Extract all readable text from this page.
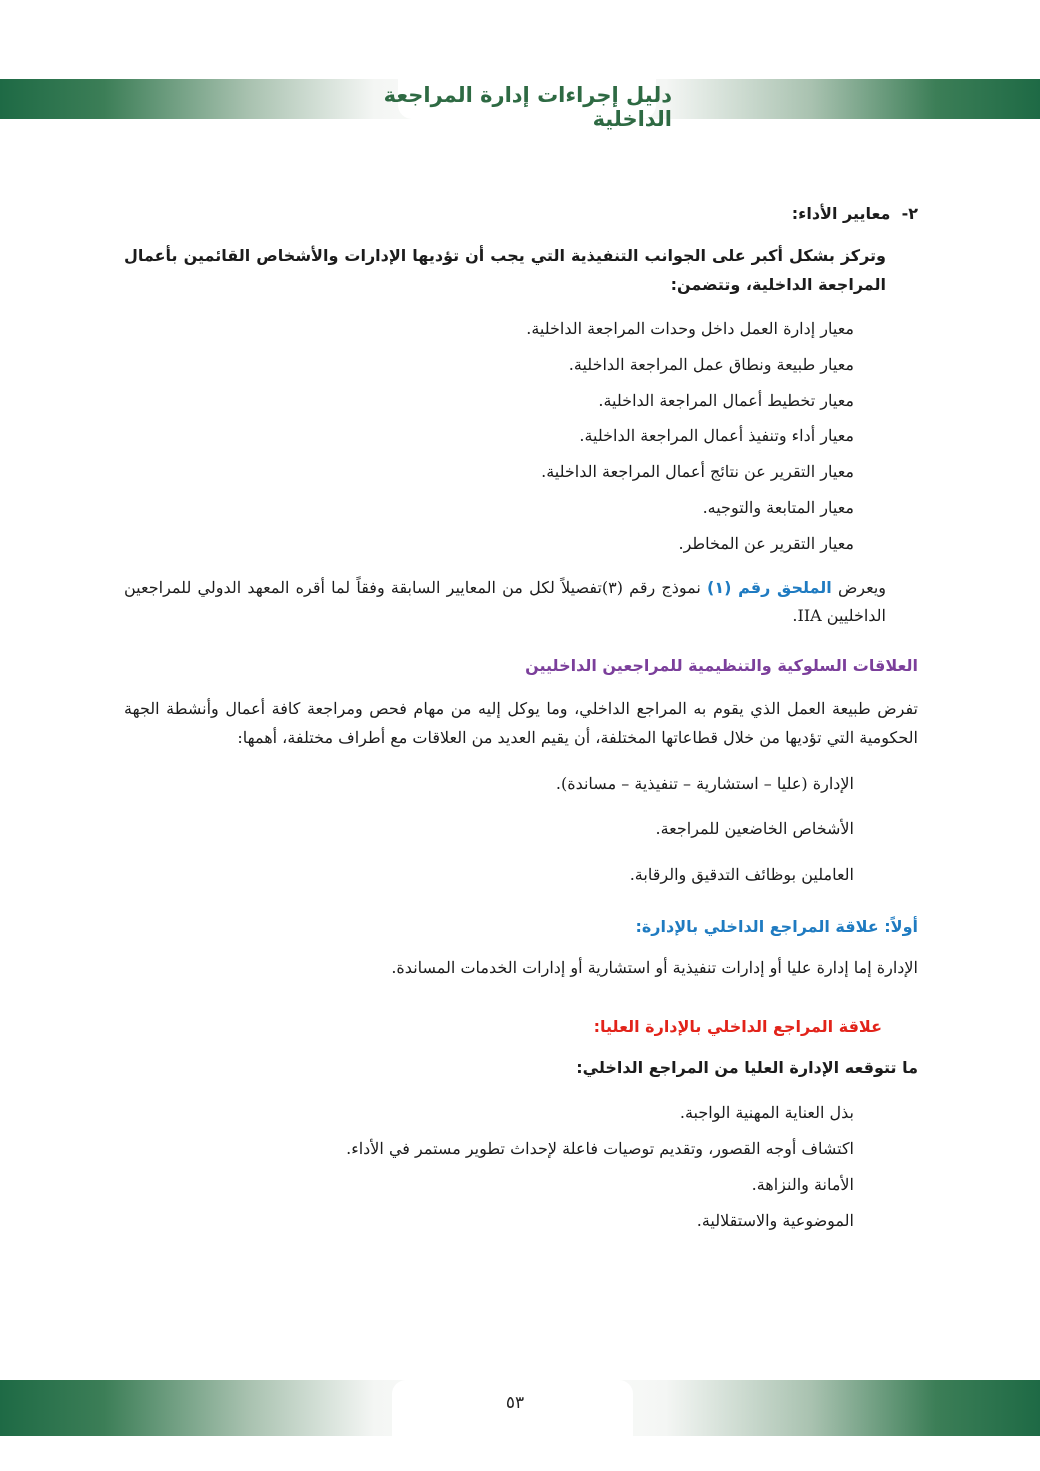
دليل إجراءات إدارة المراجعة الداخلية
٢-  معايير الأداء:
وتركز بشكل أكبر على الجوانب التنفيذية التي يجب أن تؤديها الإدارات والأشخاص القائمين بأعمال المراجعة الداخلية، وتتضمن:
معيار إدارة العمل داخل وحدات المراجعة الداخلية.
معيار طبيعة ونطاق عمل المراجعة الداخلية.
معيار تخطيط أعمال المراجعة الداخلية.
معيار أداء وتنفيذ أعمال المراجعة الداخلية.
معيار التقرير عن نتائج أعمال المراجعة الداخلية.
معيار المتابعة والتوجيه.
معيار التقرير عن المخاطر.
ويعرض الملحق رقم (١) نموذج رقم (٣)تفصيلاً لكل من المعايير السابقة وفقاً لما أقره المعهد الدولي للمراجعين الداخليين IIA.
العلاقات السلوكية والتنظيمية للمراجعين الداخليين
تفرض طبيعة العمل الذي يقوم به المراجع الداخلي، وما يوكل إليه من مهام فحص ومراجعة كافة أعمال وأنشطة الجهة الحكومية التي تؤديها من خلال قطاعاتها المختلفة، أن يقيم العديد من العلاقات مع أطراف مختلفة، أهمها:
الإدارة (عليا – استشارية – تنفيذية – مساندة).
الأشخاص الخاضعين للمراجعة.
العاملين بوظائف التدقيق والرقابة.
أولاً: علاقة المراجع الداخلي بالإدارة:
الإدارة إما إدارة عليا أو إدارات تنفيذية أو استشارية أو إدارات الخدمات المساندة.
علاقة المراجع الداخلي بالإدارة العليا:
ما تتوقعه الإدارة العليا من المراجع الداخلي:
بذل العناية المهنية الواجبة.
اكتشاف أوجه القصور، وتقديم توصيات فاعلة لإحداث تطوير مستمر في الأداء.
الأمانة والنزاهة.
الموضوعية والاستقلالية.
٥٣
